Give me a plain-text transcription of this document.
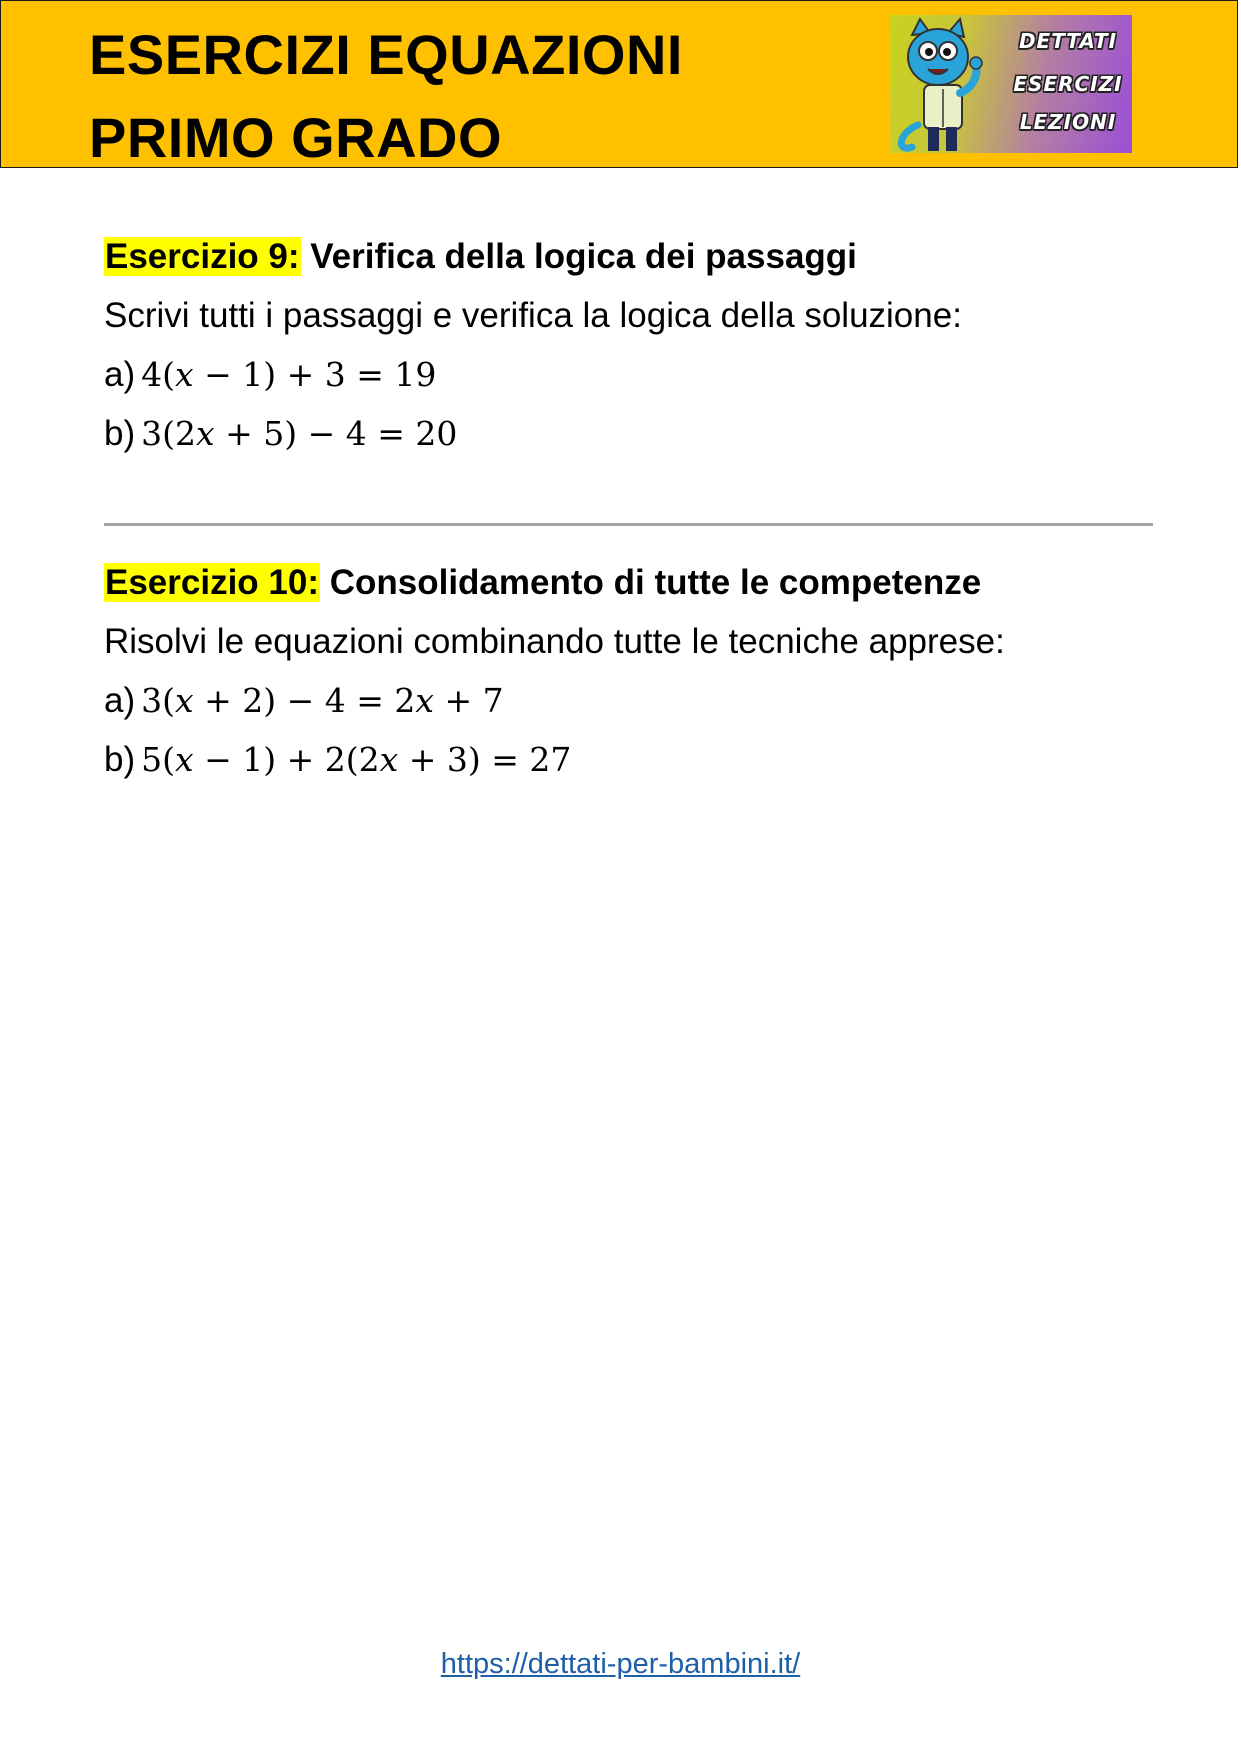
ESERCIZI EQUAZIONI
PRIMO GRADO
DETTATI
ESERCIZI
LEZIONI
Esercizio 9: Verifica della logica dei passaggi
Scrivi tutti i passaggi e verifica la logica della soluzione:
a) 4(𝑥 − 1) + 3 = 19
b) 3(2𝑥 + 5) − 4 = 20
Esercizio 10: Consolidamento di tutte le competenze
Risolvi le equazioni combinando tutte le tecniche apprese:
a) 3(𝑥 + 2) − 4 = 2𝑥 + 7
b) 5(𝑥 − 1) + 2(2𝑥 + 3) = 27
https://dettati-per-bambini.it/
